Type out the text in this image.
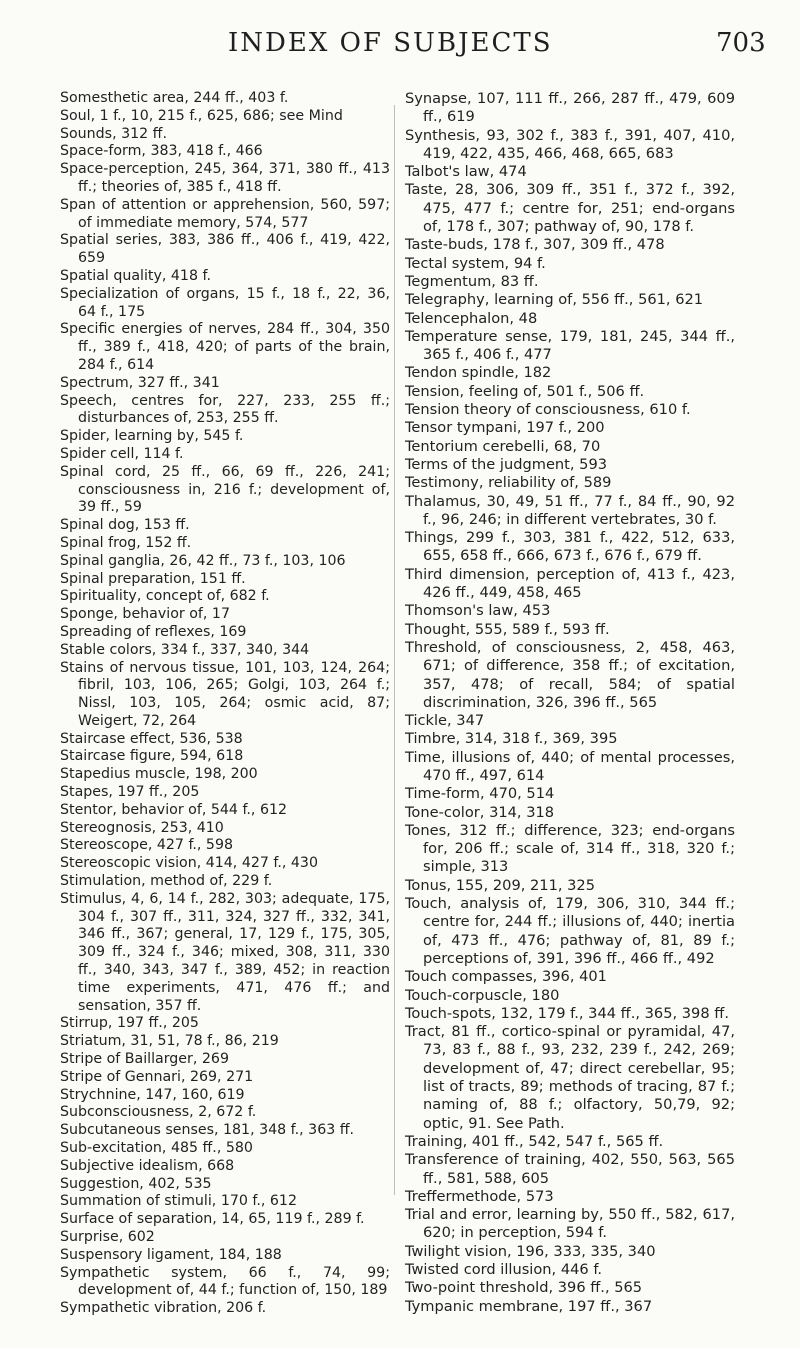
INDEX OF SUBJECTS	703

Somesthetic area, 244 ff., 403 f.

Soul, 1 f., 10, 215 f., 625, 686; see Mind

Sounds, 312 ff.

Space-form, 383, 418 f., 466

Space-perception, 245, 364, 371, 380 ff., 413 ff.; theories of, 385 f., 418 ff.

Span of attention or apprehension, 560, 597; of immediate memory, 574, 577

Spatial series, 383, 386 ff., 406 f., 419, 422, 659

Spatial quality, 418 f.

Specialization of organs, 15 f., 18 f., 22, 36, 64 f., 175

Specific energies of nerves, 284 ff., 304, 350 ff., 389 f., 418, 420; of parts of the brain, 284 f., 614

Spectrum, 327 ff., 341

Speech, centres for, 227, 233, 255 ff.; disturbances of, 253, 255 ff.

Spider, learning by, 545 f.

Spider cell, 114 f.

Spinal cord, 25 ff., 66, 69 ff., 226, 241; consciousness in, 216 f.; development of, 39 ff., 59

Spinal dog, 153 ff.

Spinal frog, 152 ff.

Spinal ganglia, 26, 42 ff., 73 f., 103, 106

Spinal preparation, 151 ff.

Spirituality, concept of, 682 f.

Sponge, behavior of, 17

Spreading of reflexes, 169

Stable colors, 334 f., 337, 340, 344

Stains of nervous tissue, 101, 103, 124, 264; fibril, 103, 106, 265; Golgi, 103, 264 f.; Nissl, 103, 105, 264; osmic acid, 87; Weigert, 72, 264

Staircase effect, 536, 538

Staircase figure, 594, 618

Stapedius muscle, 198, 200

Stapes, 197 ff., 205

Stentor, behavior of, 544 f., 612

Stereognosis, 253, 410

Stereoscope, 427 f., 598

Stereoscopic vision, 414, 427 f., 430

Stimulation, method of, 229 f.

Stimulus, 4, 6, 14 f., 282, 303; adequate, 175, 304 f., 307 ff., 311, 324, 327 ff., 332, 341, 346 ff., 367; general, 17, 129 f., 175, 305, 309 ff., 324 f., 346; mixed, 308, 311, 330 ff., 340, 343, 347 f., 389, 452; in reaction time experiments, 471, 476 ff.; and sensation, 357 ff.

Stirrup, 197 ff., 205

Striatum, 31, 51, 78 f., 86, 219

Stripe of Baillarger, 269

Stripe of Gennari, 269, 271

Strychnine, 147, 160, 619

Subconsciousness, 2, 672 f.

Subcutaneous senses, 181, 348 f., 363 ff.

Sub-excitation, 485 ff., 580

Subjective idealism, 668

Suggestion, 402, 535

Summation of stimuli, 170 f., 612

Surface of separation, 14, 65, 119 f., 289 f.

Surprise, 602

Suspensory ligament, 184, 188

Sympathetic system, 66 f., 74, 99; development of, 44 f.; function of, 150, 189

Sympathetic vibration, 206 f.

Synapse, 107, 111 ff., 266, 287 ff., 479, 609 ff., 619

Synthesis, 93, 302 f., 383 f., 391, 407, 410, 419, 422, 435, 466, 468, 665, 683

Talbot's law, 474

Taste, 28, 306, 309 ff., 351 f., 372 f., 392, 475, 477 f.; centre for, 251; end-organs of, 178 f., 307; pathway of, 90, 178 f.

Taste-buds, 178 f., 307, 309 ff., 478

Tectal system, 94 f.

Tegmentum, 83 ff.

Telegraphy, learning of, 556 ff., 561, 621

Telencephalon, 48

Temperature sense, 179, 181, 245, 344 ff., 365 f., 406 f., 477

Tendon spindle, 182

Tension, feeling of, 501 f., 506 ff.

Tension theory of consciousness, 610 f.

Tensor tympani, 197 f., 200

Tentorium cerebelli, 68, 70

Terms of the judgment, 593

Testimony, reliability of, 589

Thalamus, 30, 49, 51 ff., 77 f., 84 ff., 90, 92 f., 96, 246; in different vertebrates, 30 f.

Things, 299 f., 303, 381 f., 422, 512, 633, 655, 658 ff., 666, 673 f., 676 f., 679 ff.

Third dimension, perception of, 413 f., 423, 426 ff., 449, 458, 465

Thomson's law, 453

Thought, 555, 589 f., 593 ff.

Threshold, of consciousness, 2, 458, 463, 671; of difference, 358 ff.; of excitation, 357, 478; of recall, 584; of spatial discrimination, 326, 396 ff., 565

Tickle, 347

Timbre, 314, 318 f., 369, 395

Time, illusions of, 440; of mental processes, 470 ff., 497, 614

Time-form, 470, 514

Tone-color, 314, 318

Tones, 312 ff.; difference, 323; end-organs for, 206 ff.; scale of, 314 ff., 318, 320 f.; simple, 313

Tonus, 155, 209, 211, 325

Touch, analysis of, 179, 306, 310, 344 ff.; centre for, 244 ff.; illusions of, 440; inertia of, 473 ff., 476; pathway of, 81, 89 f.; perceptions of, 391, 396 ff., 466 ff., 492

Touch compasses, 396, 401

Touch-corpuscle, 180

Touch-spots, 132, 179 f., 344 ff., 365, 398 ff.

Tract, 81 ff., cortico-spinal or pyramidal, 47, 73, 83 f., 88 f., 93, 232, 239 f., 242, 269; development of, 47; direct cerebellar, 95; list of tracts, 89; methods of tracing, 87 f.; naming of, 88 f.; olfactory, 50,79, 92; optic, 91. See Path.

Training, 401 ff., 542, 547 f., 565 ff.

Transference of training, 402, 550, 563, 565 ff., 581, 588, 605

Treffermethode, 573

Trial and error, learning by, 550 ff., 582, 617, 620; in perception, 594 f.

Twilight vision, 196, 333, 335, 340

Twisted cord illusion, 446 f.

Two-point threshold, 396 ff., 565

Tympanic membrane, 197 ff., 367
